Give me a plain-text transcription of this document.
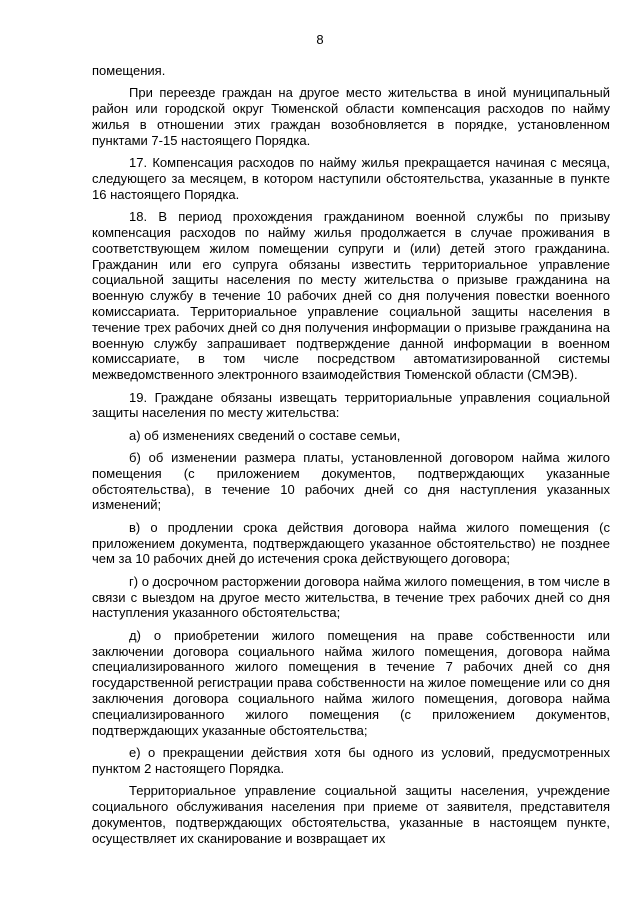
8

помещения.

При переезде граждан на другое место жительства в иной муниципальный район или городской округ Тюменской области компенсация расходов по найму жилья в отношении этих граждан возобновляется в порядке, установленном пунктами 7-15 настоящего Порядка.

17. Компенсация расходов по найму жилья прекращается начиная с месяца, следующего за месяцем, в котором наступили обстоятельства, указанные в пункте 16 настоящего Порядка.

18. В период прохождения гражданином военной службы по призыву компенсация расходов по найму жилья продолжается в случае проживания в соответствующем жилом помещении супруги и (или) детей этого гражданина. Гражданин или его супруга обязаны известить территориальное управление социальной защиты населения по месту жительства о призыве гражданина на военную службу в течение 10 рабочих дней со дня получения повестки военного комиссариата. Территориальное управление социальной защиты населения в течение трех рабочих дней со дня получения информации о призыве гражданина на военную службу запрашивает подтверждение данной информации в военном комиссариате, в том числе посредством автоматизированной системы межведомственного электронного взаимодействия Тюменской области (СМЭВ).

19. Граждане обязаны извещать территориальные управления социальной защиты населения по месту жительства:

а) об изменениях сведений о составе семьи,

б) об изменении размера платы, установленной договором найма жилого помещения (с приложением документов, подтверждающих указанные обстоятельства), в течение 10 рабочих дней со дня наступления указанных изменений;

в) о продлении срока действия договора найма жилого помещения (с приложением документа, подтверждающего указанное обстоятельство) не позднее чем за 10 рабочих дней до истечения срока действующего договора;

г) о досрочном расторжении договора найма жилого помещения, в том числе в связи с выездом на другое место жительства, в течение трех рабочих дней со дня наступления указанного обстоятельства;

д) о приобретении жилого помещения на праве собственности или заключении договора социального найма жилого помещения, договора найма специализированного жилого помещения в течение 7 рабочих дней со дня государственной регистрации права собственности на жилое помещение или со дня заключения договора социального найма жилого помещения, договора найма специализированного жилого помещения (с приложением документов, подтверждающих указанные обстоятельства;

е) о прекращении действия хотя бы одного из условий, предусмотренных пунктом 2 настоящего Порядка.

Территориальное управление социальной защиты населения, учреждение социального обслуживания населения при приеме от заявителя, представителя документов, подтверждающих обстоятельства, указанные в настоящем пункте, осуществляет их сканирование и возвращает их
